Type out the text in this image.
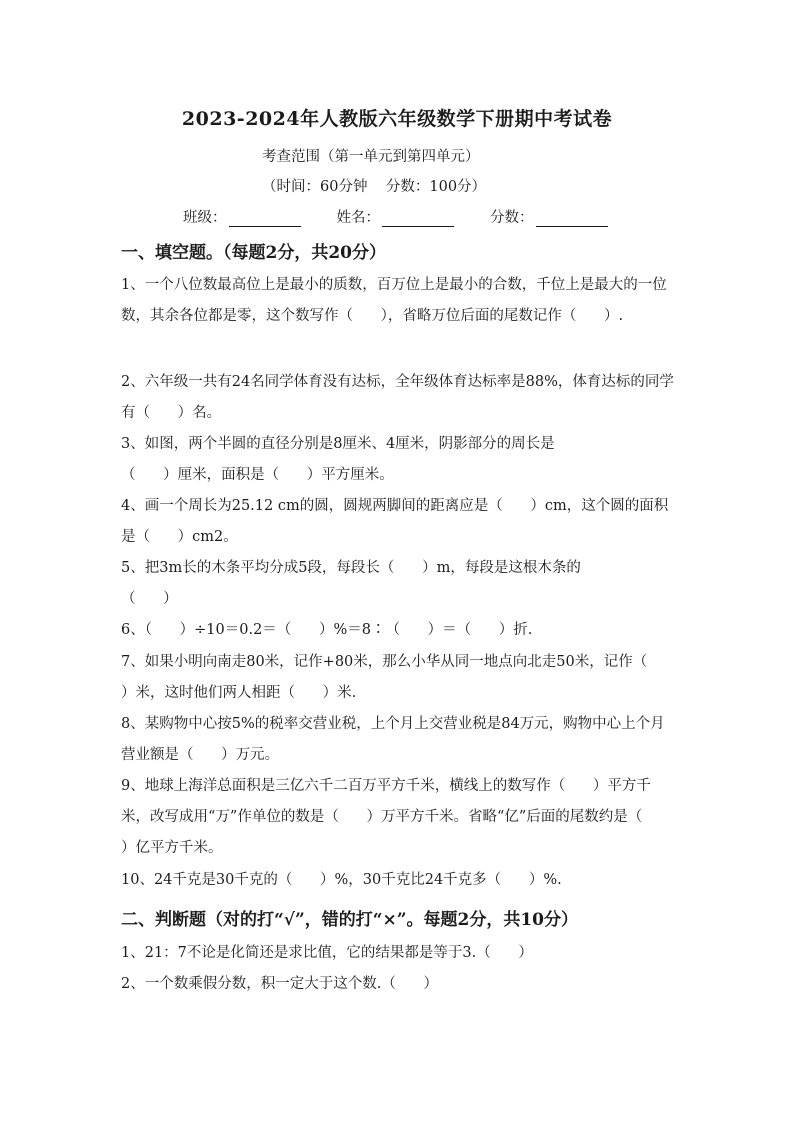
2023-2024年人教版六年级数学下册期中考试卷
考查范围（第一单元到第四单元）
（时间：60分钟    分数：100分）
班级：	姓名：	分数：
一、填空题。（每题2分，共20分）
1、一个八位数最高位上是最小的质数，百万位上是最小的合数，千位上是最大的一位数，其余各位都是零，这个数写作（      ），省略万位后面的尾数记作（      ）.
2、六年级一共有24名同学体育没有达标，全年级体育达标率是88%，体育达标的同学有（      ）名。
3、如图，两个半圆的直径分别是8厘米、4厘米，阴影部分的周长是
（      ）厘米，面积是（      ）平方厘米。
4、画一个周长为25.12 cm的圆，圆规两脚间的距离应是（      ）cm，这个圆的面积是（      ）cm2。
5、把3m长的木条平均分成5段，每段长（      ）m，每段是这根木条的
（      ）
6、（      ）÷10＝0.2＝（      ）%＝8∶（      ）＝（      ）折.
7、如果小明向南走80米，记作+80米，那么小华从同一地点向北走50米，记作（      ）米，这时他们两人相距（      ）米.
8、某购物中心按5%的税率交营业税，上个月上交营业税是84万元，购物中心上个月营业额是（      ）万元。
9、地球上海洋总面积是三亿六千二百万平方千米，横线上的数写作（      ）平方千米，改写成用“万”作单位的数是（      ）万平方千米。省略“亿”后面的尾数约是（      ）亿平方千米。
10、24千克是30千克的（      ）%，30千克比24千克多（      ）%.
二、判断题（对的打“√”，错的打“×”。每题2分，共10分）
1、21：7不论是化简还是求比值，它的结果都是等于3.（      ）
2、一个数乘假分数，积一定大于这个数.（      ）
